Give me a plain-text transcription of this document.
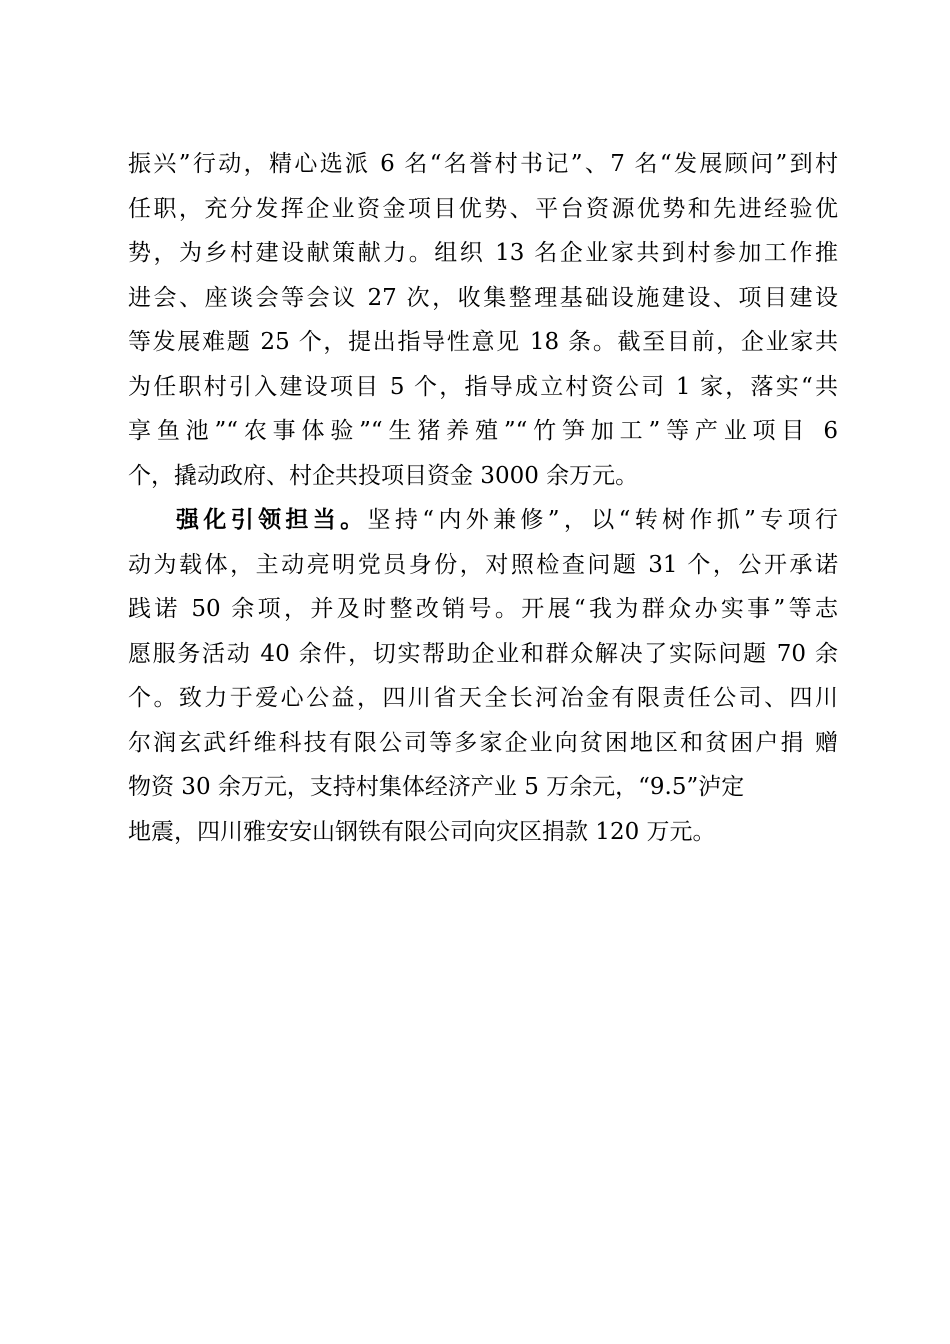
振兴”行动，精心选派 6 名“名誉村书记”、7 名“发展顾问”到村
任职，充分发挥企业资金项目优势、平台资源优势和先进经验优
势，为乡村建设献策献力。组织 13 名企业家共到村参加工作推
进会、座谈会等会议 27 次，收集整理基础设施建设、项目建设
等发展难题 25 个，提出指导性意见 18 条。截至目前，企业家共
为任职村引入建设项目 5 个，指导成立村资公司 1 家，落实“共
享鱼池”“农事体验”“生猪养殖”“竹笋加工”等产业项目 6
个，撬动政府、村企共投项目资金 3000 余万元。
强化引领担当。坚持“内外兼修”，以“转树作抓”专项行
动为载体，主动亮明党员身份，对照检查问题 31 个，公开承诺
践诺 50 余项，并及时整改销号。开展“我为群众办实事”等志
愿服务活动 40 余件，切实帮助企业和群众解决了实际问题 70 余
个。致力于爱心公益，四川省天全长河冶金有限责任公司、四川
尔润玄武纤维科技有限公司等多家企业向贫困地区和贫困户捐 赠
物资 30 余万元，支持村集体经济产业 5 万余元，“9.5”泸定
地震，四川雅安安山钢铁有限公司向灾区捐款 120 万元。
